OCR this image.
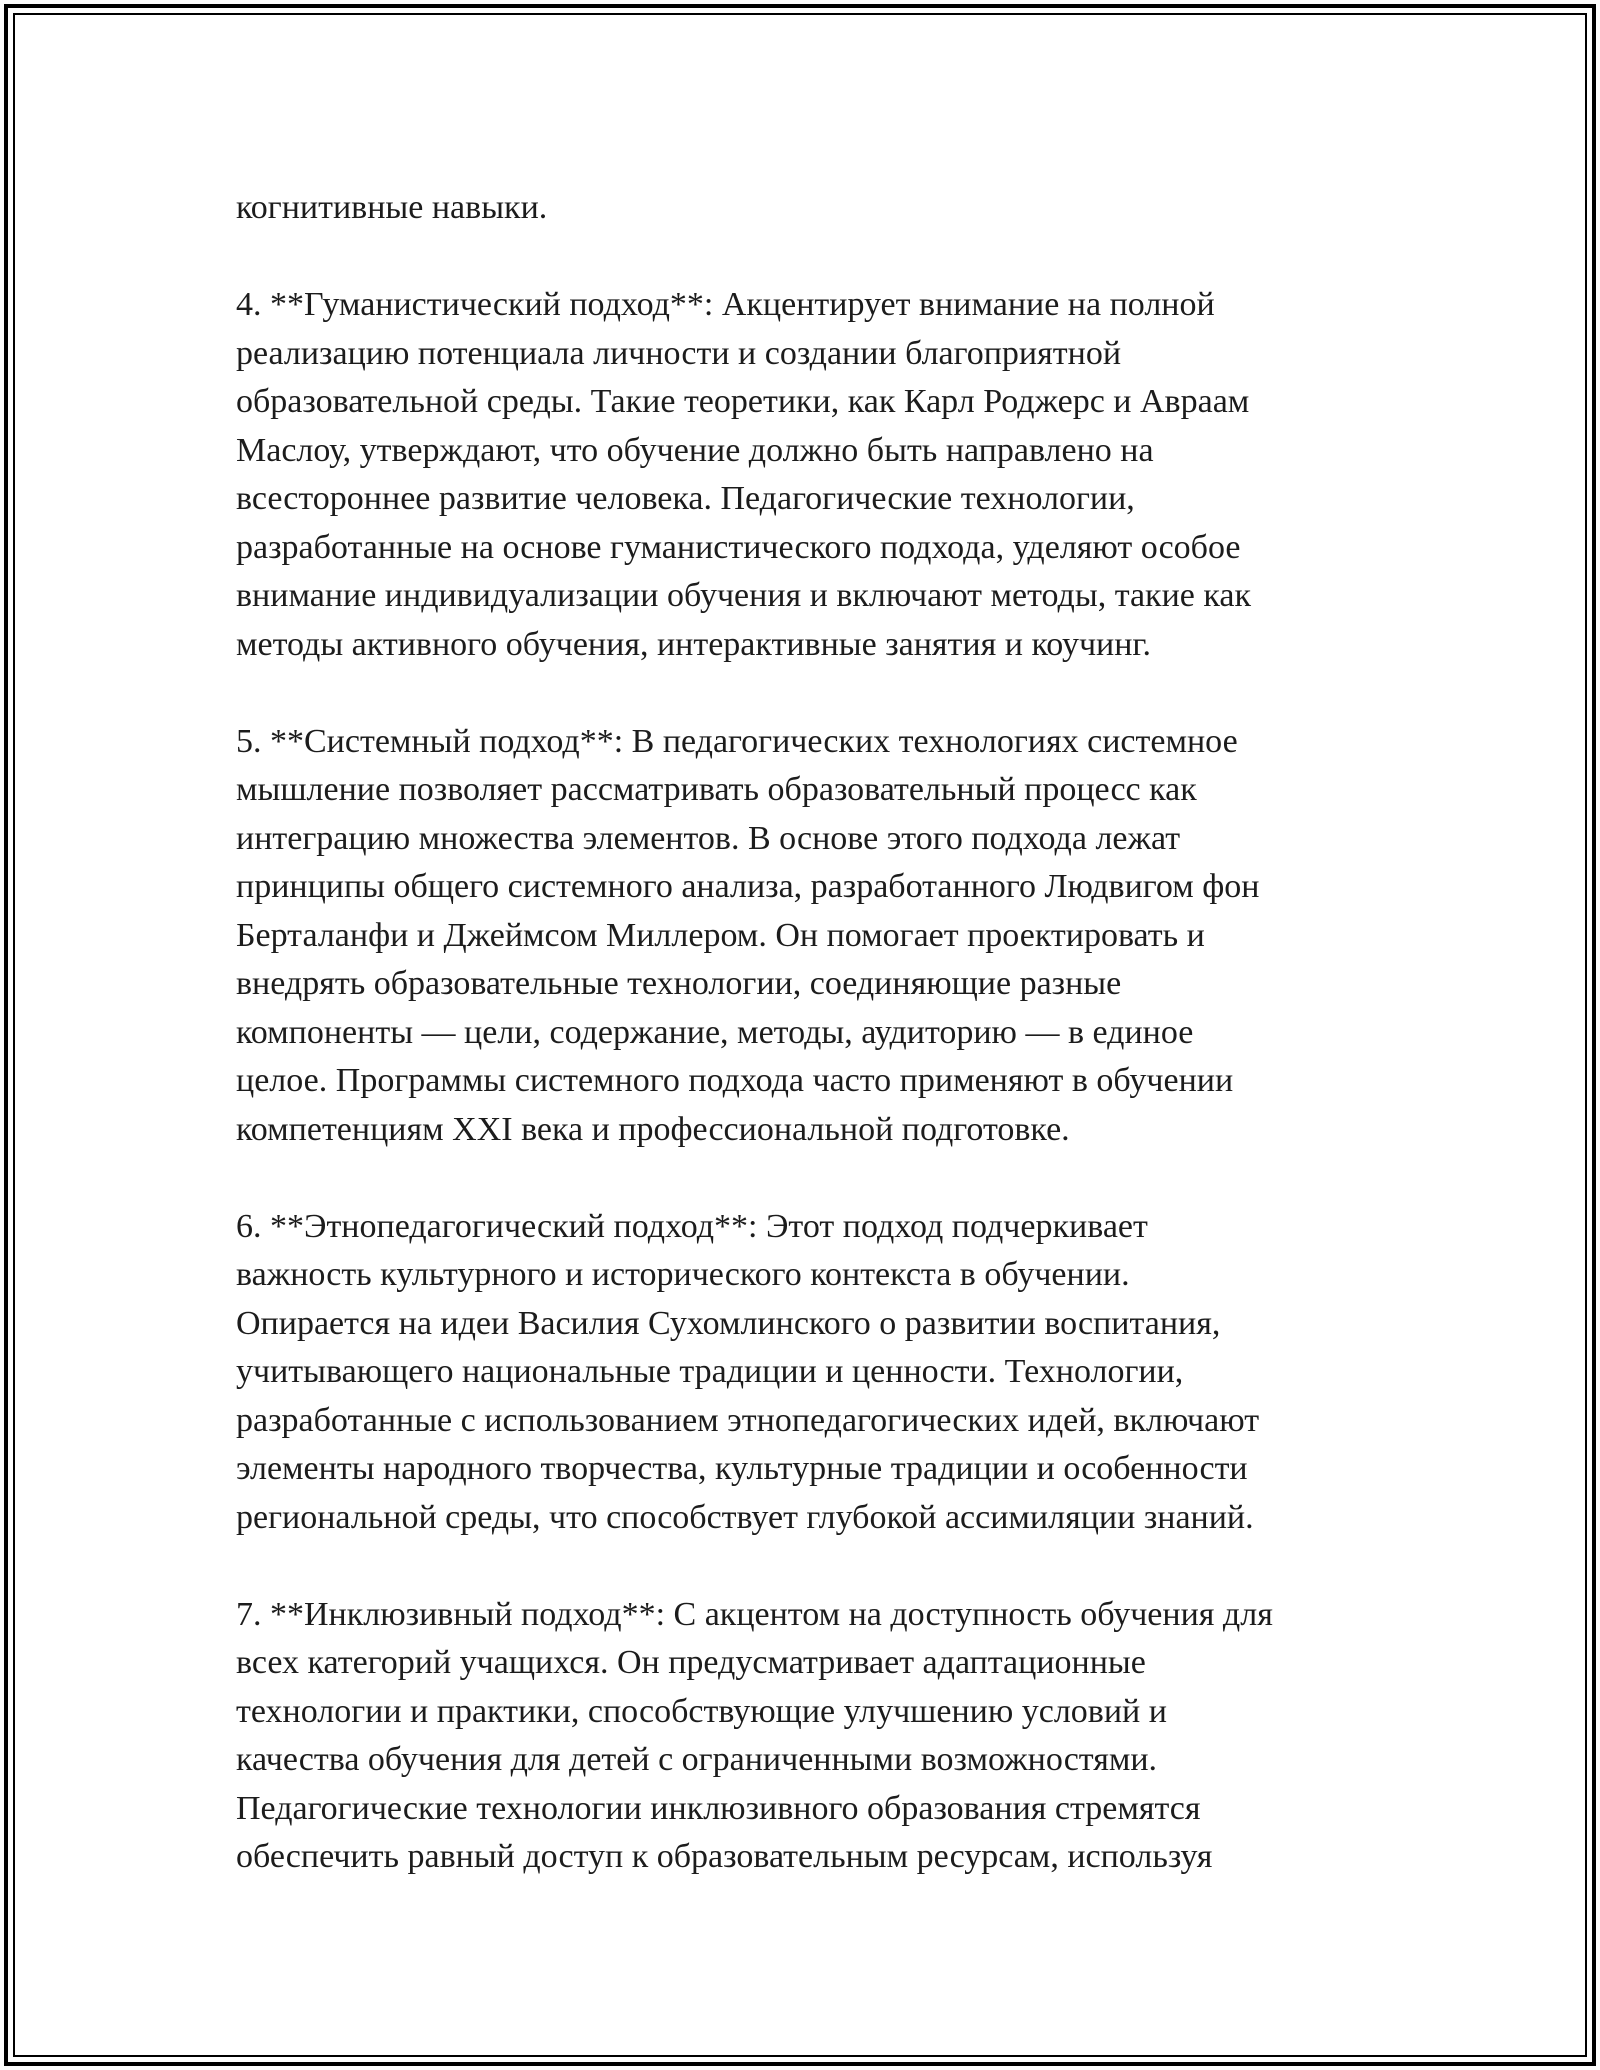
когнитивные навыки.
4. **Гуманистический подход**: Акцентирует внимание на полной
реализацию потенциала личности и создании благоприятной
образовательной среды. Такие теоретики, как Карл Роджерс и Авраам
Маслоу, утверждают, что обучение должно быть направлено на
всестороннее развитие человека. Педагогические технологии,
разработанные на основе гуманистического подхода, уделяют особое
внимание индивидуализации обучения и включают методы, такие как
методы активного обучения, интерактивные занятия и коучинг.
5. **Системный подход**: В педагогических технологиях системное
мышление позволяет рассматривать образовательный процесс как
интеграцию множества элементов. В основе этого подхода лежат
принципы общего системного анализа, разработанного Людвигом фон
Берталанфи и Джеймсом Миллером. Он помогает проектировать и
внедрять образовательные технологии, соединяющие разные
компоненты — цели, содержание, методы, аудиторию — в единое
целое. Программы системного подхода часто применяют в обучении
компетенциям XXI века и профессиональной подготовке.
6. **Этнопедагогический подход**: Этот подход подчеркивает
важность культурного и исторического контекста в обучении.
Опирается на идеи Василия Сухомлинского о развитии воспитания,
учитывающего национальные традиции и ценности. Технологии,
разработанные с использованием этнопедагогических идей, включают
элементы народного творчества, культурные традиции и особенности
региональной среды, что способствует глубокой ассимиляции знаний.
7. **Инклюзивный подход**: С акцентом на доступность обучения для
всех категорий учащихся. Он предусматривает адаптационные
технологии и практики, способствующие улучшению условий и
качества обучения для детей с ограниченными возможностями.
Педагогические технологии инклюзивного образования стремятся
обеспечить равный доступ к образовательным ресурсам, используя
